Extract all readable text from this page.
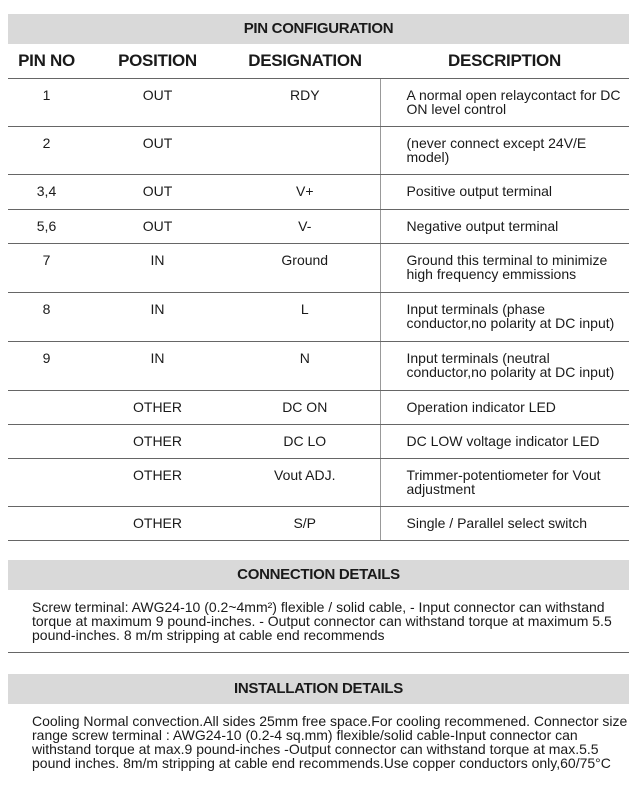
PIN CONFIGURATION
PIN NO	POSITION	DESIGNATION	DESCRIPTION
1	OUT	RDY	A normal open relaycontact for DC ON level control
2	OUT		(never connect except 24V/E model)
3,4	OUT	V+	Positive output terminal
5,6	OUT	V-	Negative output terminal
7	IN	Ground	Ground this terminal to minimize high frequency emmissions
8	IN	L	Input terminals (phase conductor,no polarity at DC input)
9	IN	N	Input terminals (neutral conductor,no polarity at DC input)
	OTHER	DC ON	Operation indicator LED
	OTHER	DC LO	DC LOW voltage indicator LED
	OTHER	Vout ADJ.	Trimmer-potentiometer for Vout adjustment
	OTHER	S/P	Single / Parallel select switch
CONNECTION DETAILS
Screw terminal: AWG24-10 (0.2~4mm²) flexible / solid cable, - Input connector can withstand torque at maximum 9 pound-inches. - Output connector can withstand torque at maximum 5.5 pound-inches. 8 m/m stripping at cable end recommends
INSTALLATION DETAILS
Cooling Normal convection.All sides 25mm free space.For cooling recommened. Connector size range screw terminal : AWG24-10 (0.2-4 sq.mm) flexible/solid cable-Input connector can withstand torque at max.9 pound-inches -Output connector can withstand torque at max.5.5 pound inches. 8m/m stripping at cable end recommends.Use copper conductors only,60/75°C
